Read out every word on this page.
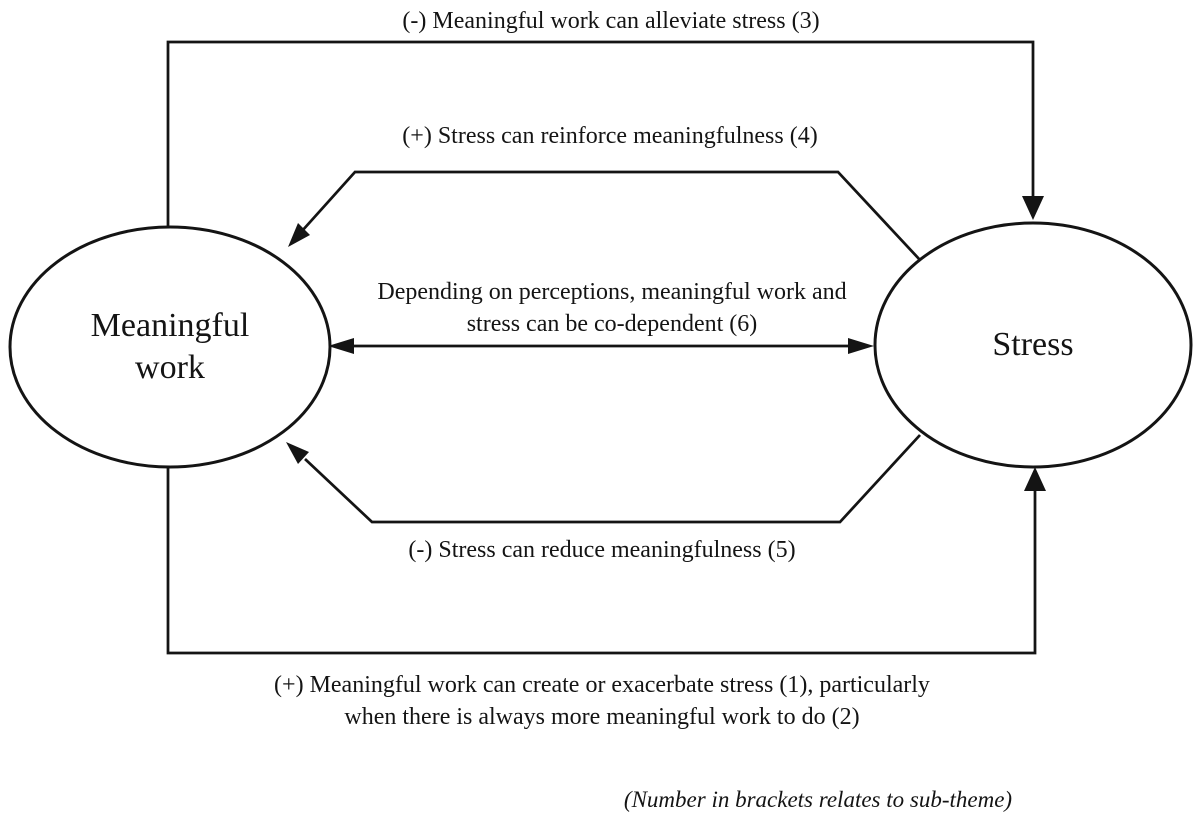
Meaningful
work
Stress
(-) Meaningful work can alleviate stress (3)
(+) Stress can reinforce meaningfulness (4)
Depending on perceptions, meaningful work and
stress can be co-dependent (6)
(-) Stress can reduce meaningfulness (5)
(+) Meaningful work can create or exacerbate stress (1), particularly
when there is always more meaningful work to do (2)
(Number in brackets relates to sub-theme)
